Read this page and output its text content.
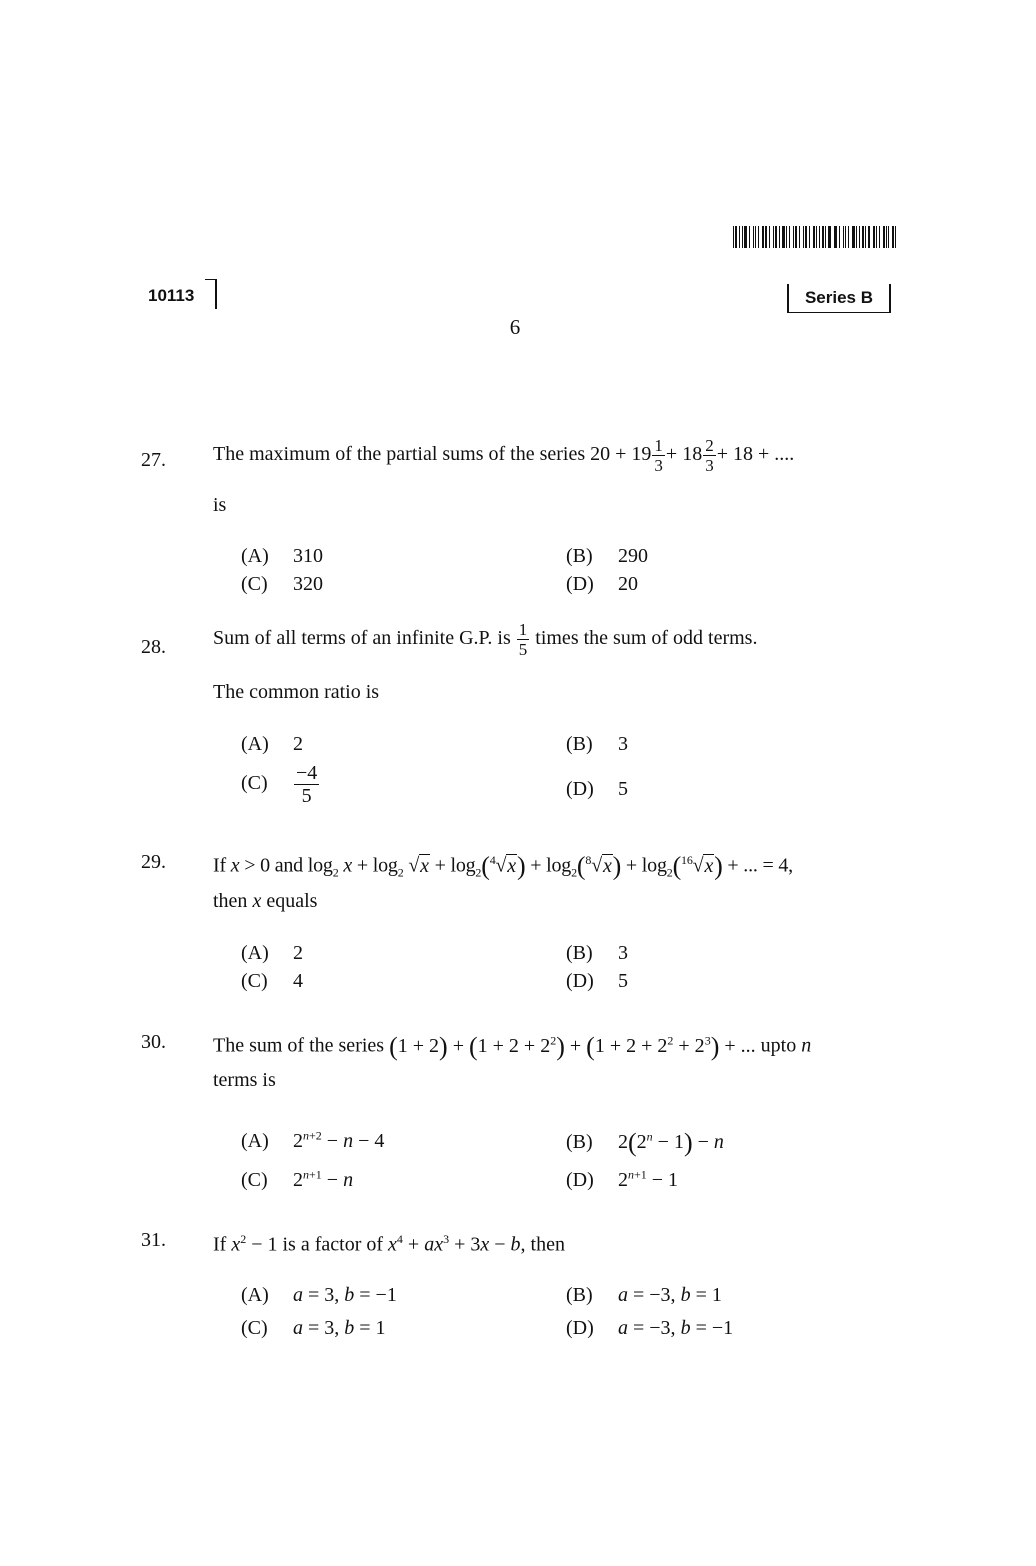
10113	Series B
6
27. The maximum of the partial sums of the series $20 + 19 \frac{1}{3} + 18 \frac{2}{3} + 18$ + ....
is
(A) 310	(B) 290
(C) 320	(D) 20
28. Sum of all terms of an infinite G.P. is $\frac{1}{5}$ times the sum of odd terms.
The common ratio is
(A) 2	(B) 3
$(C) \frac{-4}{5}$	(D) 5
29. If x > 0 and $\log_2 x + \log_2 √x + \log_2(^4√x) + \log_2(^8√x) + \log_2(^{16}√x)$ + ... = 4,
then x equals
(A) 2	(B) 3
(C) 4	(D) 5
30. The sum of the series $(1 + 2) + (1 + 2 + 2^2) + (1 + 2 + 2^2 + 2^3)$ + ... upto n
terms is
(A) $2^{n+2} - n - 4$	(B) $2(2^n - 1) - n$
(C) $2^{n+1} - n$	(D) $2^{n+1} - 1$
31. If $x^2 - 1$ is a factor of $x^4 + ax^3 + 3x - b$, then
(A) a = 3, b = −1	(B) a = −3, b = 1
(C) a = 3, b = 1	(D) a = −3, b = −1
